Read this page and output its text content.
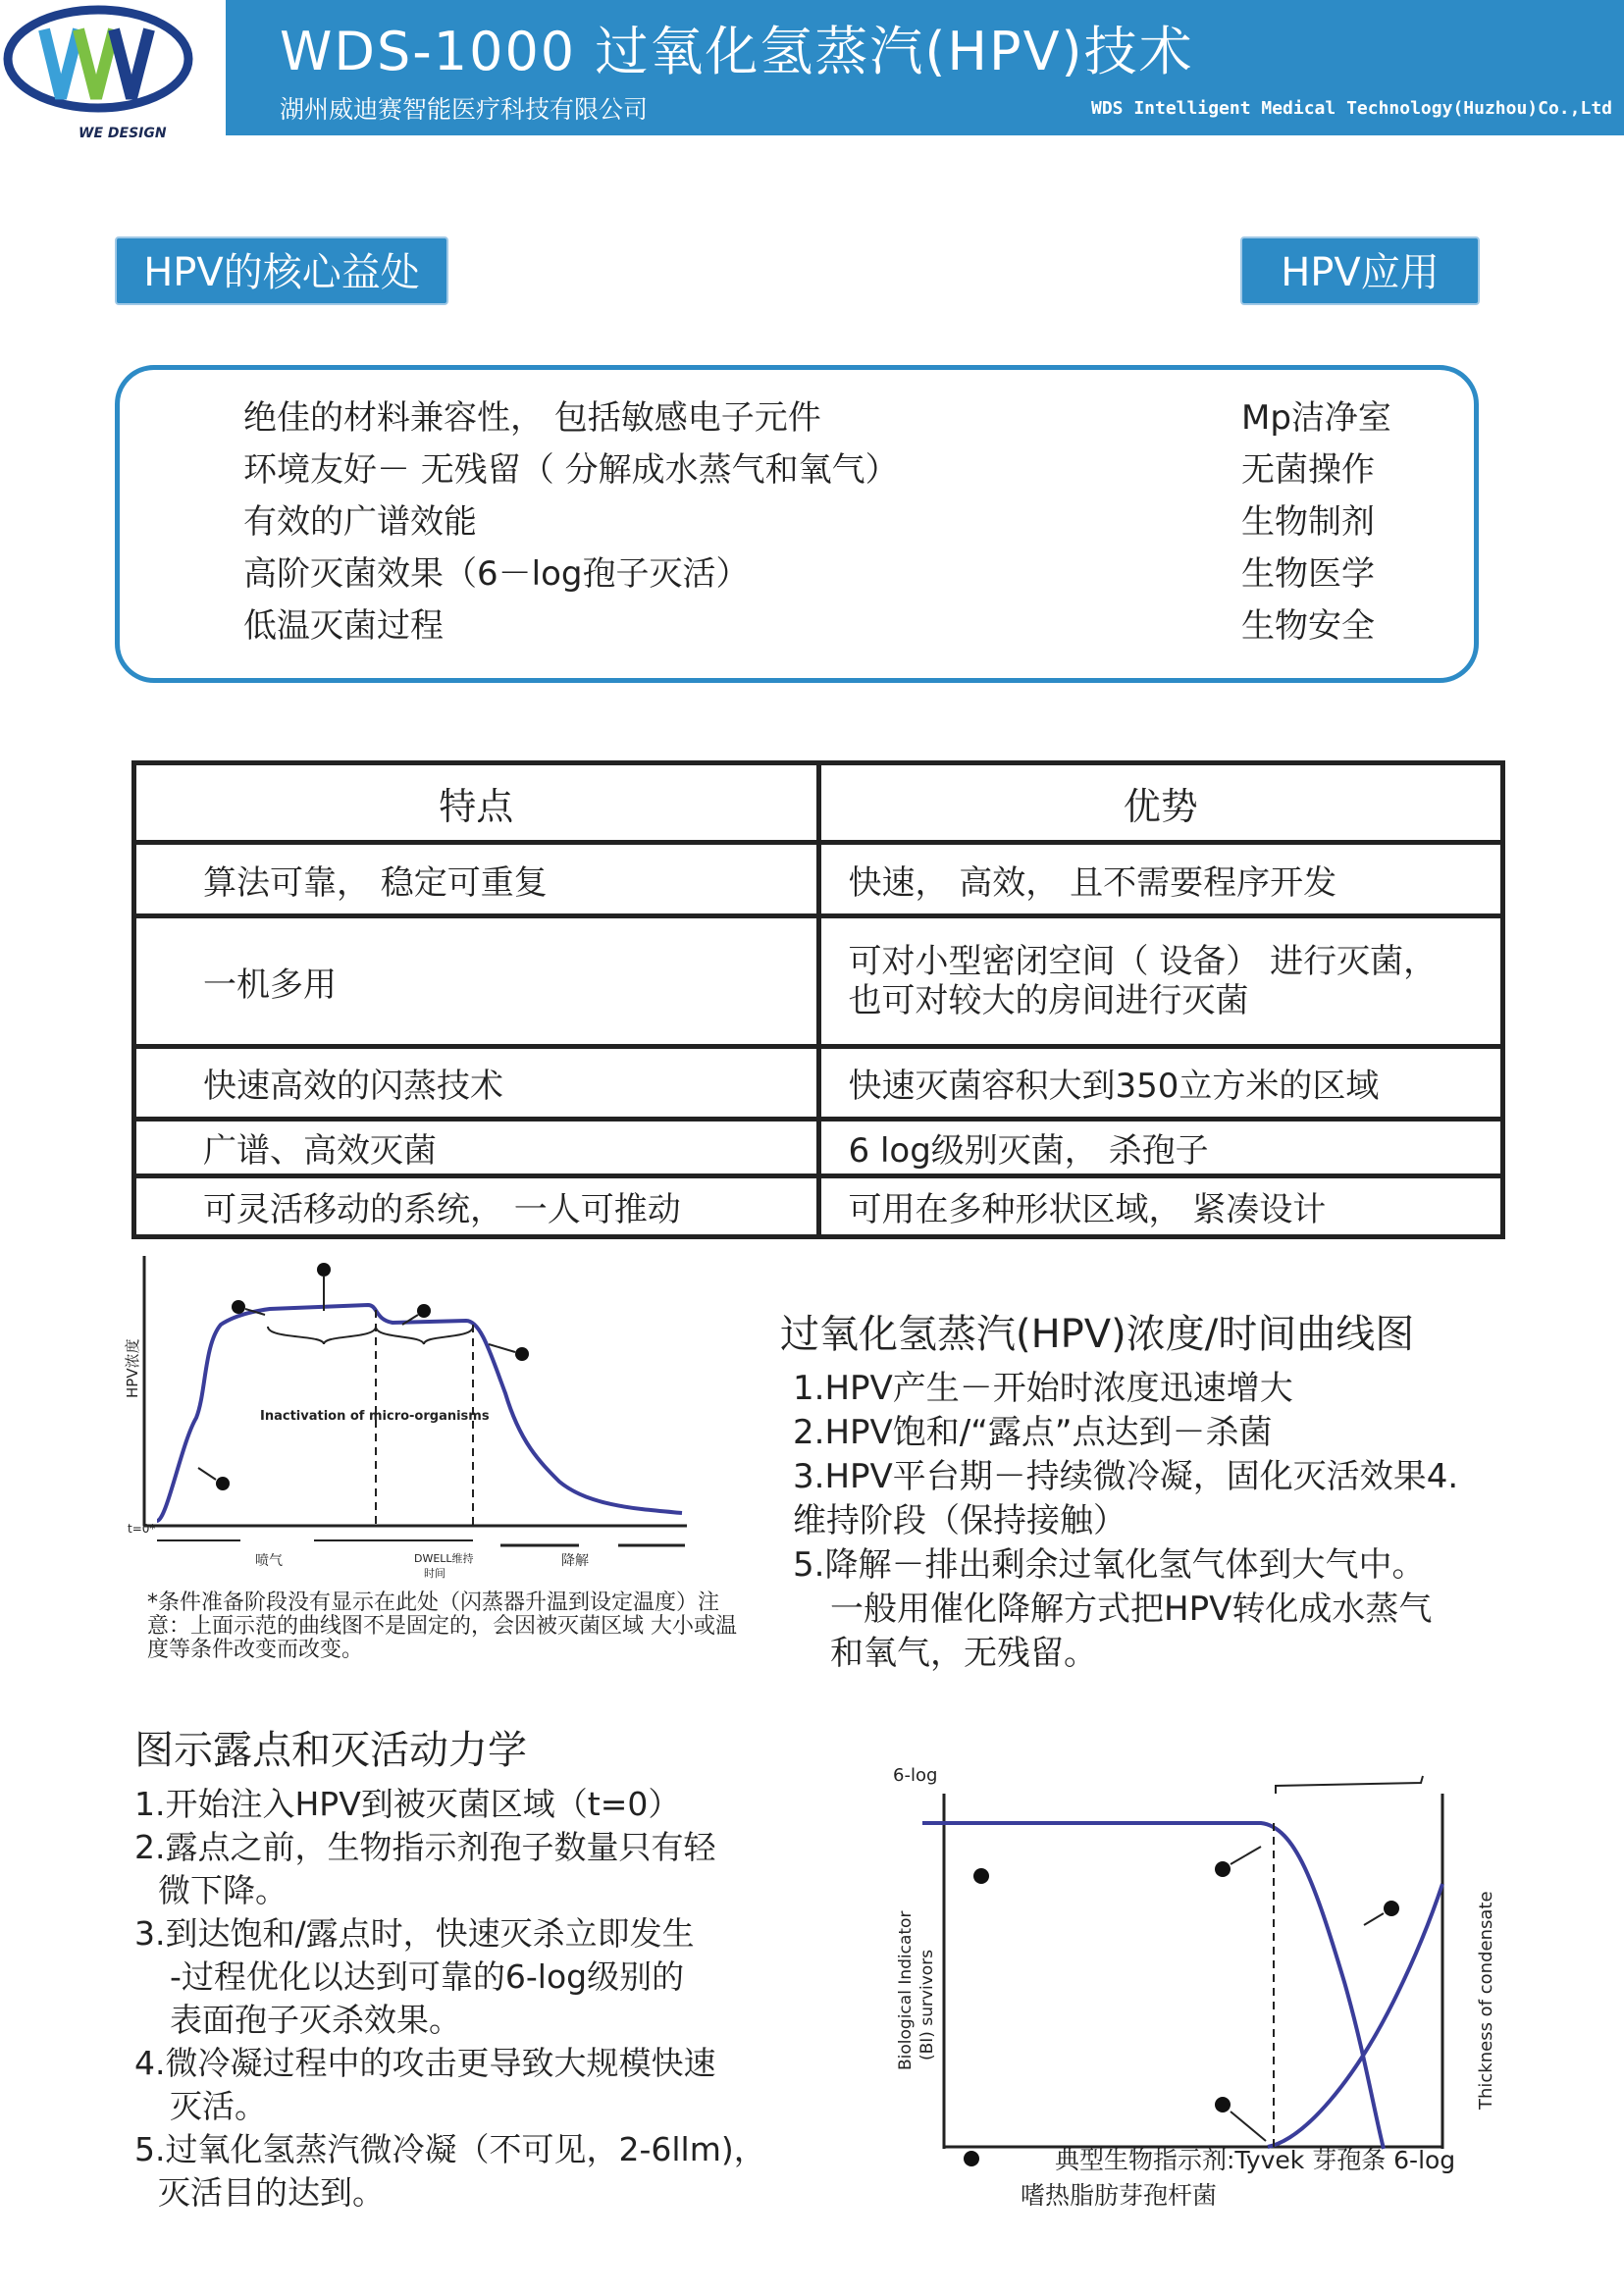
WE DESIGN
WDS-1000 过氧化氢蒸汽(HPV)技术
湖州威迪赛智能医疗科技有限公司	WDS Intelligent Medical Technology(Huzhou)Co.,Ltd
HPV的核心益处	HPV应用
绝佳的材料兼容性， 包括敏感电子元件
环境友好－ 无残留（ 分解成水蒸气和氧气）
有效的广谱效能
高阶灭菌效果（6－log孢子灭活）
低温灭菌过程
Mp洁净室
无菌操作
生物制剂
生物医学
生物安全
特点	优势
算法可靠， 稳定可重复	快速， 高效， 且不需要程序开发
一机多用	可对小型密闭空间（ 设备） 进行灭菌， 也可对较大的房间进行灭菌
快速高效的闪蒸技术	快速灭菌容积大到350立方米的区域
广谱、高效灭菌	6 log级别灭菌， 杀孢子
可灵活移动的系统， 一人可推动	可用在多种形状区域， 紧凑设计
Inactivation of micro-organisms
HPV浓度
t=0*
喷气	DWELL维持
时间
降解
*条件准备阶段没有显示在此处（闪蒸器升温到设定温度）注意：上面示范的曲线图不是固定的，会因被灭菌区域 大小或温度等条件改变而改变。
过氧化氢蒸汽(HPV)浓度/时间曲线图
1.HPV产生－开始时浓度迅速增大
2.HPV饱和/“露点”点达到－杀菌
3.HPV平台期－持续微冷凝，固化灭活效果4.
维持阶段（保持接触）
5.降解－排出剩余过氧化氢气体到大气中。
一般用催化降解方式把HPV转化成水蒸气
和氧气，无残留。
图示露点和灭活动力学
1.开始注入HPV到被灭菌区域（t=0）
2.露点之前，生物指示剂孢子数量只有轻
微下降。
3.到达饱和/露点时，快速灭杀立即发生
-过程优化以达到可靠的6-log级别的
表面孢子灭杀效果。
4.微冷凝过程中的攻击更导致大规模快速
灭活。
5.过氧化氢蒸汽微冷凝（不可见，2-6llm)，
灭活目的达到。
6-log
Biological Indicator (BI) survivors	Thickness of condensate
典型生物指示剂:Tyvek 芽孢条 6-log
嗜热脂肪芽孢杆菌
